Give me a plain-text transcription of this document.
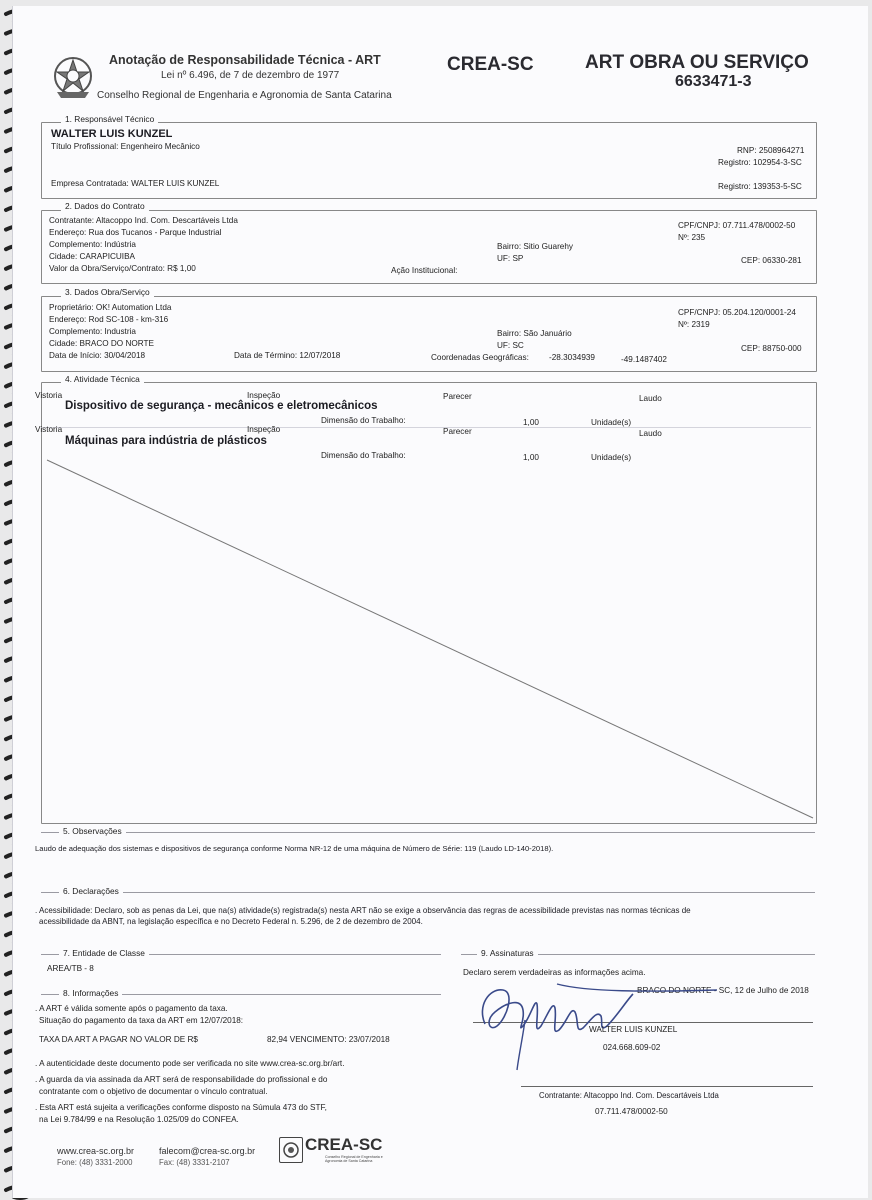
Anotação de Responsabilidade Técnica - ART
Lei nº 6.496, de 7 de dezembro de 1977
Conselho Regional de Engenharia e Agronomia de Santa Catarina
CREA-SC	ART OBRA OU SERVIÇO
6633471-3
1. Responsável Técnico
WALTER LUIS KUNZEL
Título Profissional: Engenheiro Mecânico	RNP: 2508964271
Registro: 102954-3-SC
Empresa Contratada: WALTER LUIS KUNZEL	Registro: 139353-5-SC
2. Dados do Contrato
Contratante: Altacoppo Ind. Com. Descartáveis Ltda
Endereço: Rua dos Tucanos - Parque Industrial
Complemento: Indústria
Cidade: CARAPICUIBA
Valor da Obra/Serviço/Contrato: R$ 1,00
CPF/CNPJ: 07.711.478/0002-50
Nº: 235
Bairro: Sitio Guarehy
UF: SP	CEP: 06330-281
Ação Institucional:
3. Dados Obra/Serviço
Proprietário: OK! Automation Ltda
Endereço: Rod SC-108 - km-316
Complemento: Industria
Cidade: BRACO DO NORTE
Data de Início: 30/04/2018	Data de Término: 12/07/2018	Coordenadas Geográficas: -28.3034939	-49.1487402
CPF/CNPJ: 05.204.120/0001-24
Nº: 2319
Bairro: São Januário
UF: SC	CEP: 88750-000
4. Atividade Técnica
Vistoria	Inspeção	Parecer	Laudo
Dispositivo de segurança - mecânicos e eletromecânicos
Dimensão do Trabalho:	1,00	Unidade(s)
Vistoria	Inspeção	Parecer	Laudo
Máquinas para indústria de plásticos
Dimensão do Trabalho:	1,00	Unidade(s)
5. Observações
Laudo de adequação dos sistemas e dispositivos de segurança conforme Norma NR-12 de uma máquina de Número de Série: 119 (Laudo LD-140-2018).
6. Declarações
. Acessibilidade: Declaro, sob as penas da Lei, que na(s) atividade(s) registrada(s) nesta ART não se exige a observância das regras de acessibilidade previstas nas normas técnicas de
acessibilidade da ABNT, na legislação específica e no Decreto Federal n. 5.296, de 2 de dezembro de 2004.
7. Entidade de Classe
AREA/TB - 8
8. Informações
. A ART é válida somente após o pagamento da taxa.
Situação do pagamento da taxa da ART em 12/07/2018:
TAXA DA ART A PAGAR NO VALOR DE R$	82,94 VENCIMENTO: 23/07/2018
. A autenticidade deste documento pode ser verificada no site www.crea-sc.org.br/art.
. A guarda da via assinada da ART será de responsabilidade do profissional e do
contratante com o objetivo de documentar o vínculo contratual.
. Esta ART está sujeita a verificações conforme disposto na Súmula 473 do STF,
na Lei 9.784/99 e na Resolução 1.025/09 do CONFEA.
9. Assinaturas
Declaro serem verdadeiras as informações acima.
BRACO DO NORTE - SC, 12 de Julho de 2018
WALTER LUIS KUNZEL
024.668.609-02
Contratante: Altacoppo Ind. Com. Descartáveis Ltda
07.711.478/0002-50
www.crea-sc.org.br
Fone: (48) 3331-2000
falecom@crea-sc.org.br
Fax: (48) 3331-2107
CREA-SC
Conselho Regional de Engenharia e Agronomia de Santa Catarina
